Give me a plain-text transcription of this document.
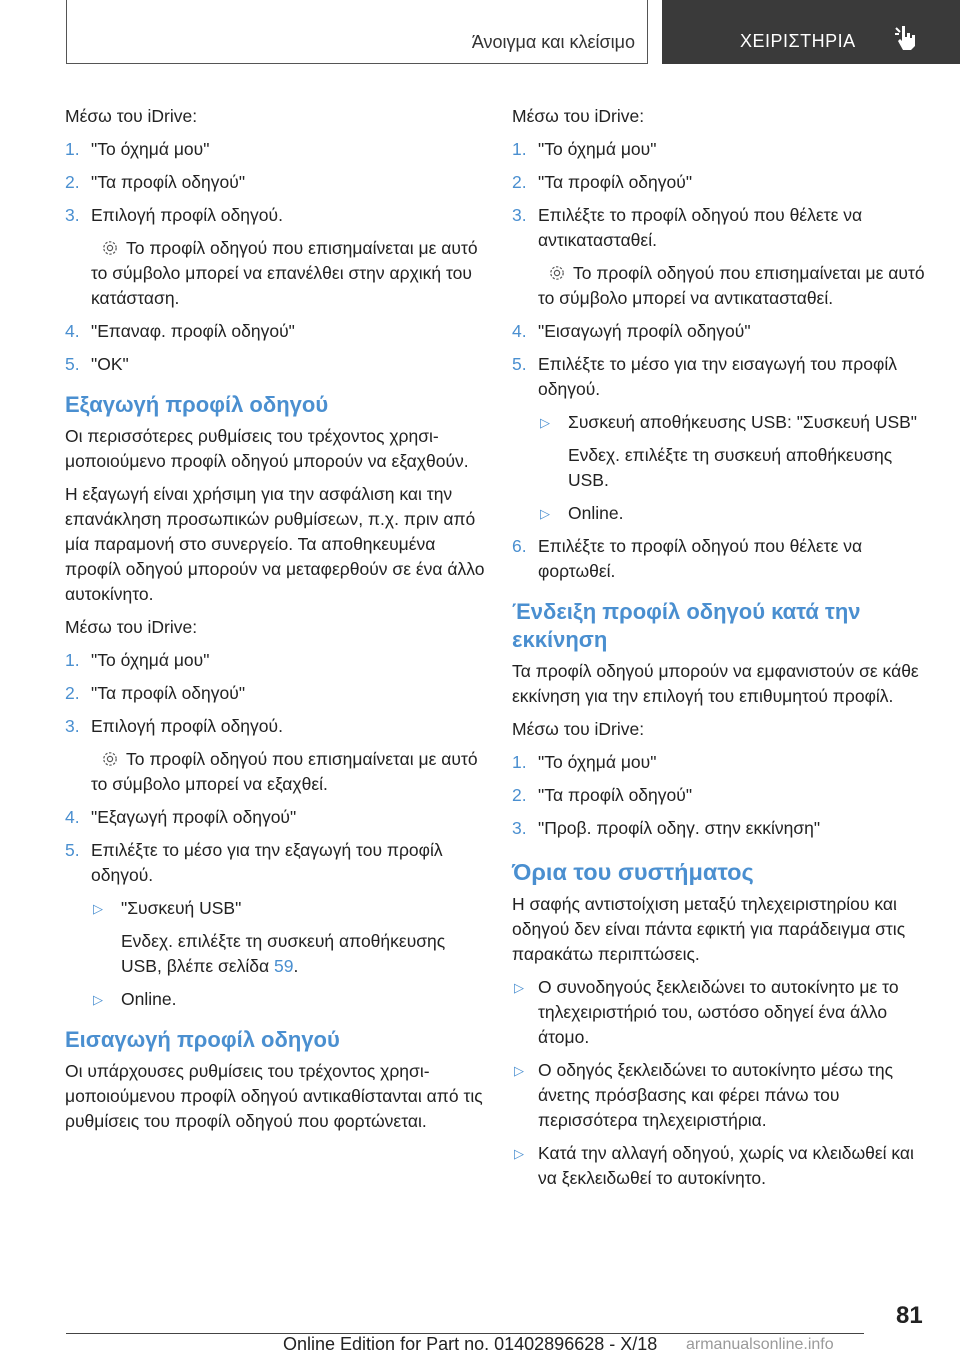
Άνοιγμα και κλείσιμο	ΧΕΙΡΙΣΤΗΡΙΑ
Μέσω του iDrive:
1. "Το όχημά μου"
2. "Τα προφίλ οδηγού"
3. Επιλογή προφίλ οδηγού.
Το προφίλ οδηγού που επισημαίνεται με αυτό το σύμβολο μπορεί να επανέλθει στην αρχική του κατάσταση.
4. "Επαναφ. προφίλ οδηγού"
5. "OK"
Εξαγωγή προφίλ οδηγού
Οι περισσότερες ρυθμίσεις του τρέχοντος χρησιμοποιούμενο προφίλ οδηγού μπορούν να εξαχθούν.
Η εξαγωγή είναι χρήσιμη για την ασφάλιση και την επανάκληση προσωπικών ρυθμίσεων, π.χ. πριν από μία παραμονή στο συνεργείο. Τα αποθηκευμένα προφίλ οδηγού μπορούν να μεταφερθούν σε ένα άλλο αυτοκίνητο.
Μέσω του iDrive:
1. "Το όχημά μου"
2. "Τα προφίλ οδηγού"
3. Επιλογή προφίλ οδηγού.
Το προφίλ οδηγού που επισημαίνεται με αυτό το σύμβολο μπορεί να εξαχθεί.
4. "Εξαγωγή προφίλ οδηγού"
5. Επιλέξτε το μέσο για την εξαγωγή του προφίλ οδηγού.
▷	"Συσκευή USB"
Ενδεχ. επιλέξτε τη συσκευή αποθήκευσης USB, βλέπε σελίδα 59.
▷	Online.
Εισαγωγή προφίλ οδηγού
Οι υπάρχουσες ρυθμίσεις του τρέχοντος χρησιμοποιούμενου προφίλ οδηγού αντικαθίστανται από τις ρυθμίσεις του προφίλ οδηγού που φορτώνεται.
Μέσω του iDrive:
1. "Το όχημά μου"
2. "Τα προφίλ οδηγού"
3. Επιλέξτε το προφίλ οδηγού που θέλετε να αντικατασταθεί.
Το προφίλ οδηγού που επισημαίνεται με αυτό το σύμβολο μπορεί να αντικατασταθεί.
4. "Εισαγωγή προφίλ οδηγού"
5. Επιλέξτε το μέσο για την εισαγωγή του προφίλ οδηγού.
▷	Συσκευή αποθήκευσης USB: "Συσκευή USB"
Ενδεχ. επιλέξτε τη συσκευή αποθήκευσης USB.
▷	Online.
6. Επιλέξτε το προφίλ οδηγού που θέλετε να φορτωθεί.
Ένδειξη προφίλ οδηγού κατά την εκκίνηση
Τα προφίλ οδηγού μπορούν να εμφανιστούν σε κάθε εκκίνηση για την επιλογή του επιθυμητού προφίλ.
Μέσω του iDrive:
1. "Το όχημά μου"
2. "Τα προφίλ οδηγού"
3. "Προβ. προφίλ οδηγ. στην εκκίνηση"
Όρια του συστήματος
Η σαφής αντιστοίχιση μεταξύ τηλεχειριστηρίου και οδηγού δεν είναι πάντα εφικτή για παράδειγμα στις παρακάτω περιπτώσεις.
▷ Ο συνοδηγούς ξεκλειδώνει το αυτοκίνητο με το τηλεχειριστήριό του, ωστόσο οδηγεί ένα άλλο άτομο.
▷ Ο οδηγός ξεκλειδώνει το αυτοκίνητο μέσω της άνετης πρόσβασης και φέρει πάνω του περισσότερα τηλεχειριστήρια.
▷ Κατά την αλλαγή οδηγού, χωρίς να κλειδωθεί και να ξεκλειδωθεί το αυτοκίνητο.
81
Online Edition for Part no. 01402896628 - X/18 armanualsonline.info
